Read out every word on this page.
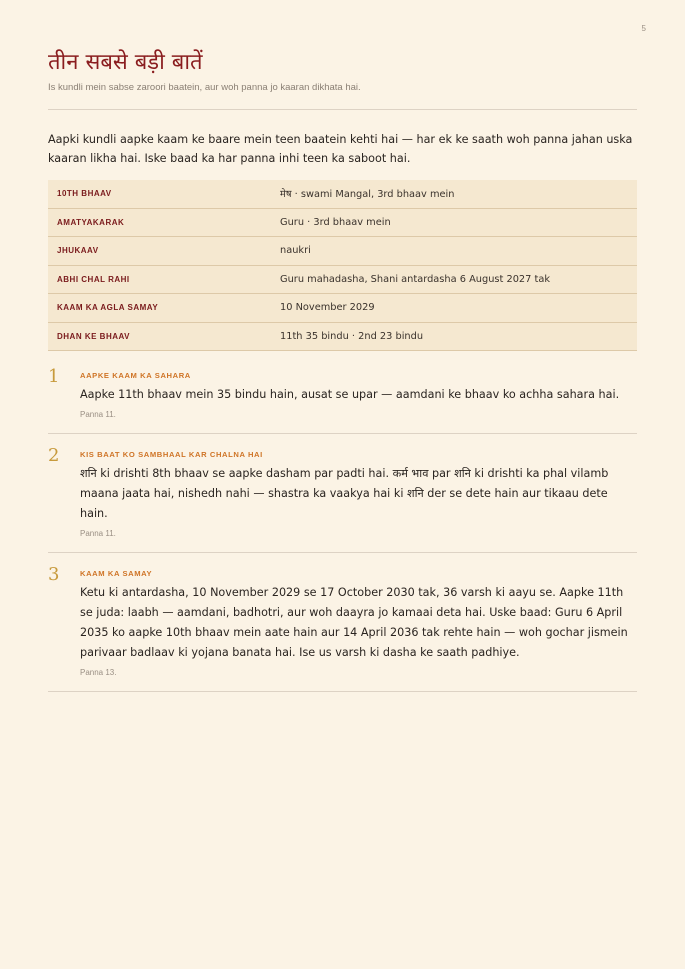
5
तीन सबसे बड़ी बातें
Is kundli mein sabse zaroori baatein, aur woh panna jo kaaran dikhata hai.
Aapki kundli aapke kaam ke baare mein teen baatein kehti hai — har ek ke saath woh panna jahan uska kaaran likha hai. Iske baad ka har panna inhi teen ka saboot hai.
10TH BHAAV	मेष · swami Mangal, 3rd bhaav mein
AMATYAKARAK	Guru · 3rd bhaav mein
JHUKAAV	naukri
ABHI CHAL RAHI	Guru mahadasha, Shani antardasha 6 August 2027 tak
KAAM KA AGLA SAMAY	10 November 2029
DHAN KE BHAAV	11th 35 bindu · 2nd 23 bindu
1	AAPKE KAAM KA SAHARA
Aapke 11th bhaav mein 35 bindu hain, ausat se upar — aamdani ke bhaav ko achha sahara hai.
Panna 11.
2	KIS BAAT KO SAMBHAAL KAR CHALNA HAI
शनि ki drishti 8th bhaav se aapke dasham par padti hai. कर्म भाव par शनि ki drishti ka phal vilamb maana jaata hai, nishedh nahi — shastra ka vaakya hai ki शनि der se dete hain aur tikaau dete hain.
Panna 11.
3	KAAM KA SAMAY
Ketu ki antardasha, 10 November 2029 se 17 October 2030 tak, 36 varsh ki aayu se. Aapke 11th se juda: laabh — aamdani, badhotri, aur woh daayra jo kamaai deta hai. Uske baad: Guru 6 April 2035 ko aapke 10th bhaav mein aate hain aur 14 April 2036 tak rehte hain — woh gochar jismein parivaar badlaav ki yojana banata hai. Ise us varsh ki dasha ke saath padhiye.
Panna 13.
